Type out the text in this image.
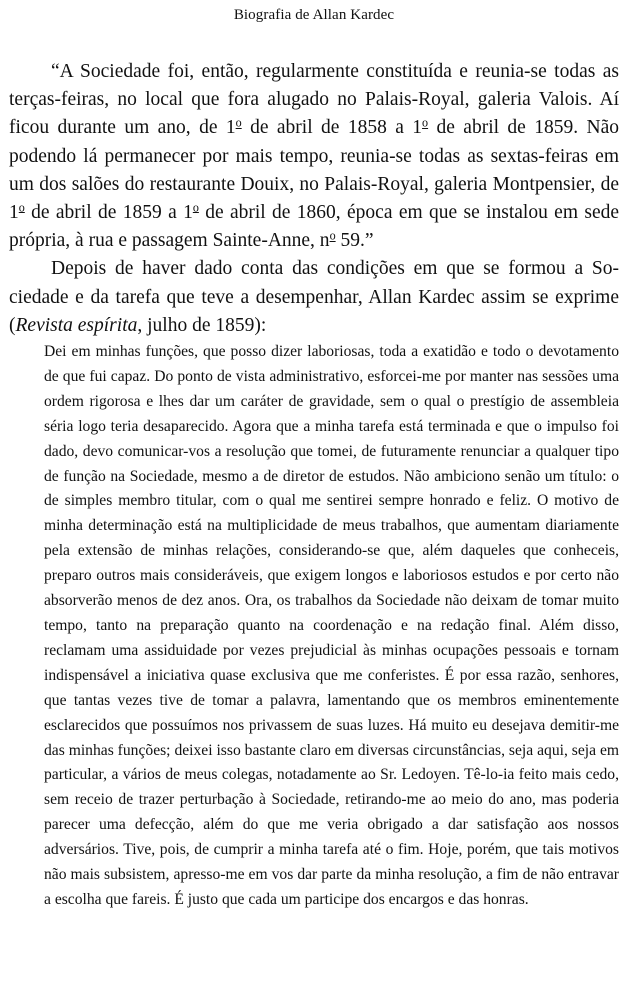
Biografia de Allan Kardec

“A Sociedade foi, então, regularmente constituída e reunia-se todas as terças-feiras, no local que fora alugado no Palais-Royal, galeria Valois. Aí ficou durante um ano, de 1$^o$ de abril de 1858 a 1$^o$ de abril de 1859. Não podendo lá permanecer por mais tempo, reunia-se todas as sextas-feiras em um dos salões do restaurante Douix, no Palais-Royal, galeria Montpensier, de 1$^o$ de abril de 1859 a 1$^o$ de abril de 1860, época em que se instalou em sede própria, à rua e passagem Sainte-Anne, $n^o$ 59.”

Depois de haver dado conta das condições em que se formou a Sociedade e da tarefa que teve a desempenhar, Allan Kardec assim se exprime (Revista espírita, julho de 1859):

Dei em minhas funções, que posso dizer laboriosas, toda a exatidão e todo o devotamento de que fui capaz. Do ponto de vista administrativo, esforcei-me por manter nas sessões uma ordem rigorosa e lhes dar um caráter de gravidade, sem o qual o prestígio de assembleia séria logo teria desaparecido. Agora que a minha tarefa está terminada e que o impulso foi dado, devo comunicar-vos a resolução que tomei, de futuramente renunciar a qualquer tipo de função na Sociedade, mesmo a de diretor de estudos. Não ambiciono senão um título: o de simples membro titular, com o qual me sentirei sempre honrado e feliz. O motivo de minha determinação está na multiplicidade de meus trabalhos, que aumentam diariamente pela extensão de minhas relações, considerando-se que, além daqueles que conheceis, preparo outros mais consideráveis, que exigem longos e laboriosos estudos e por certo não absorverão menos de dez anos. Ora, os trabalhos da Sociedade não deixam de tomar muito tempo, tanto na preparação quanto na coordenação e na redação final. Além disso, reclamam uma assiduidade por vezes prejudicial às minhas ocupações pessoais e tornam indispensável a iniciativa quase exclusiva que me conferistes. É por essa razão, senhores, que tantas vezes tive de tomar a palavra, lamentando que os membros eminentemente esclarecidos que possuímos nos privassem de suas luzes. Há muito eu desejava demitir-me das minhas funções; deixei isso bastante claro em diversas circunstâncias, seja aqui, seja em particular, a vários de meus colegas, notadamente ao Sr. Ledoyen. Tê-lo-ia feito mais cedo, sem receio de trazer perturbação à Sociedade, retirando-me ao meio do ano, mas poderia parecer uma defecção, além do que me veria obrigado a dar satisfação aos nossos adversários. Tive, pois, de cumprir a minha tarefa até o fim. Hoje, porém, que tais motivos não mais subsistem, apresso-me em vos dar parte da minha resolução, a fim de não entravar a escolha que fareis. É justo que cada um participe dos encargos e das honras.
